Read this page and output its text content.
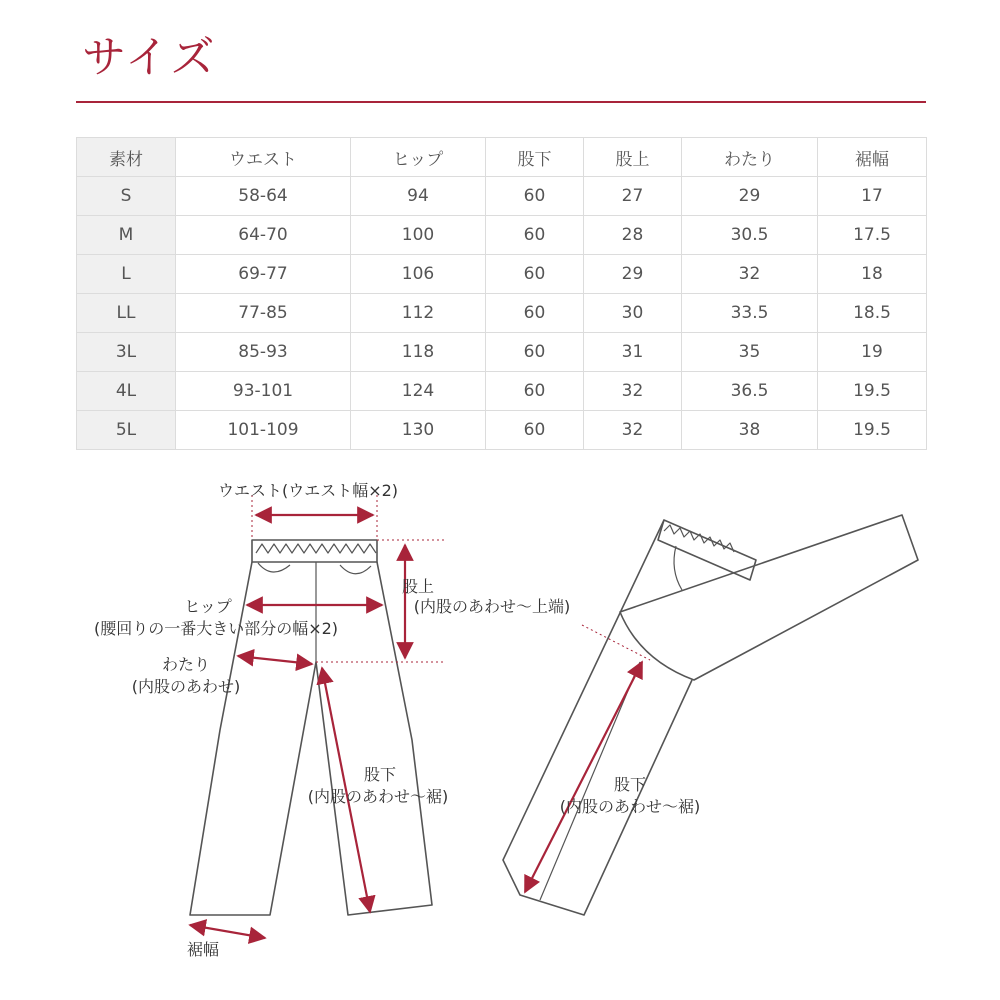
サイズ
素材	ウエスト	ヒップ	股下	股上	わたり	裾幅
S	58-64	94	60	27	29	17
M	64-70	100	60	28	30.5	17.5
L	69-77	106	60	29	32	18
LL	77-85	112	60	30	33.5	18.5
3L	85-93	118	60	31	35	19
4L	93-101	124	60	32	36.5	19.5
5L	101-109	130	60	32	38	19.5
ウエスト(ウエスト幅×2)
ヒップ
(腰回りの一番大きい部分の幅×2)
わたり
(内股のあわせ)
股上
(内股のあわせ～上端)
股下
(内股のあわせ～裾)
裾幅
股下
(内股のあわせ～裾)
